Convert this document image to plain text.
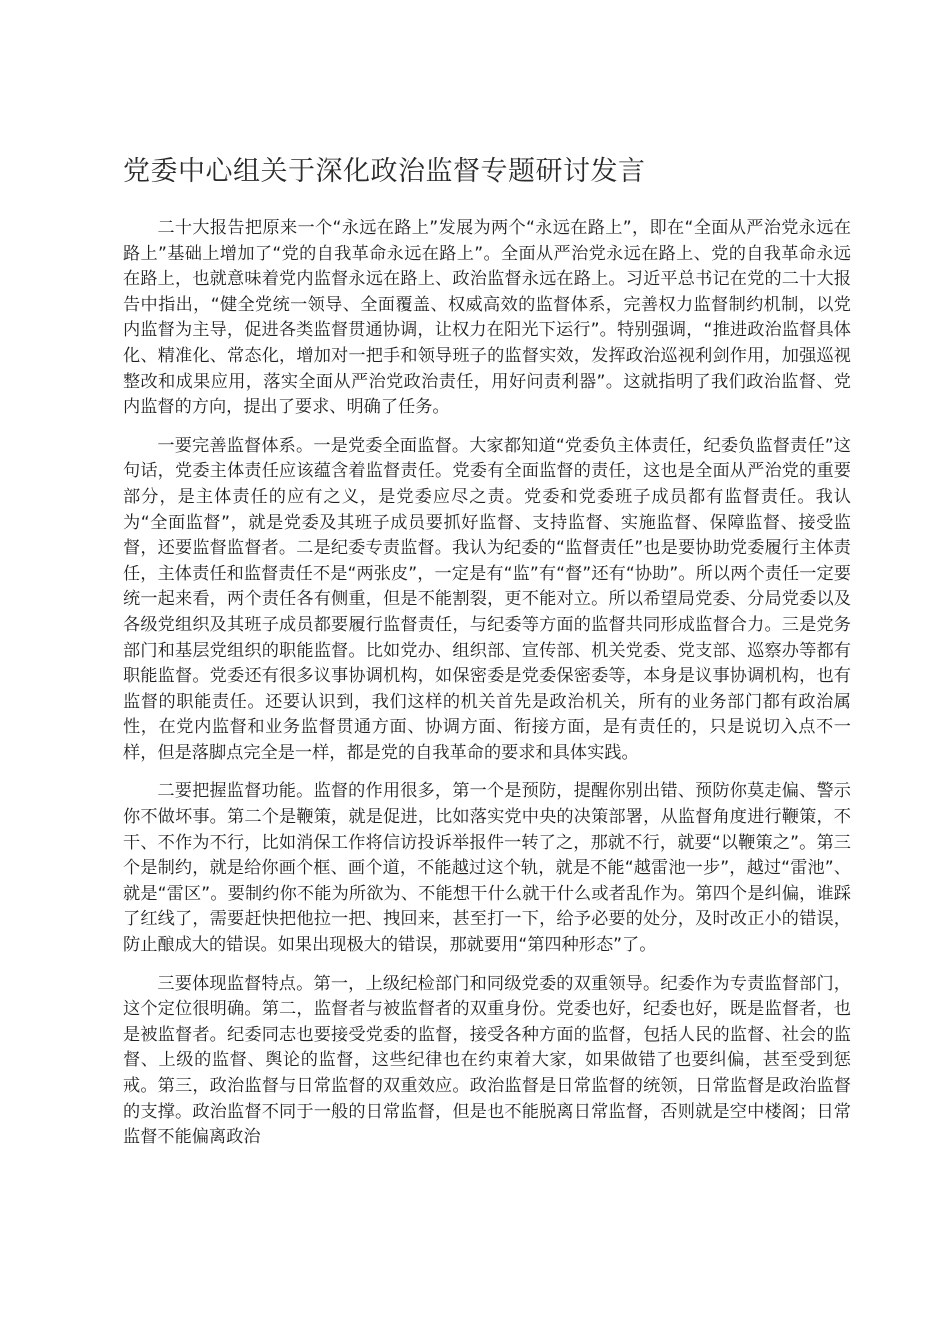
党委中心组关于深化政治监督专题研讨发言

二十大报告把原来一个“永远在路上”发展为两个“永远在路上”，即在“全面从严治党永远在路上”基础上增加了“党的自我革命永远在路上”。全面从严治党永远在路上、党的自我革命永远在路上，也就意味着党内监督永远在路上、政治监督永远在路上。习近平总书记在党的二十大报告中指出，“健全党统一领导、全面覆盖、权威高效的监督体系，完善权力监督制约机制，以党内监督为主导，促进各类监督贯通协调，让权力在阳光下运行”。特别强调，“推进政治监督具体化、精准化、常态化，增加对一把手和领导班子的监督实效，发挥政治巡视利剑作用，加强巡视整改和成果应用，落实全面从严治党政治责任，用好问责利器”。这就指明了我们政治监督、党内监督的方向，提出了要求、明确了任务。

一要完善监督体系。一是党委全面监督。大家都知道“党委负主体责任，纪委负监督责任”这句话，党委主体责任应该蕴含着监督责任。党委有全面监督的责任，这也是全面从严治党的重要部分，是主体责任的应有之义，是党委应尽之责。党委和党委班子成员都有监督责任。我认为“全面监督”，就是党委及其班子成员要抓好监督、支持监督、实施监督、保障监督、接受监督，还要监督监督者。二是纪委专责监督。我认为纪委的“监督责任”也是要协助党委履行主体责任，主体责任和监督责任不是“两张皮”，一定是有“监”有“督”还有“协助”。所以两个责任一定要统一起来看，两个责任各有侧重，但是不能割裂，更不能对立。所以希望局党委、分局党委以及各级党组织及其班子成员都要履行监督责任，与纪委等方面的监督共同形成监督合力。三是党务部门和基层党组织的职能监督。比如党办、组织部、宣传部、机关党委、党支部、巡察办等都有职能监督。党委还有很多议事协调机构，如保密委是党委保密委等，本身是议事协调机构，也有监督的职能责任。还要认识到，我们这样的机关首先是政治机关，所有的业务部门都有政治属性，在党内监督和业务监督贯通方面、协调方面、衔接方面，是有责任的，只是说切入点不一样，但是落脚点完全是一样，都是党的自我革命的要求和具体实践。

二要把握监督功能。监督的作用很多，第一个是预防，提醒你别出错、预防你莫走偏、警示你不做坏事。第二个是鞭策，就是促进，比如落实党中央的决策部署，从监督角度进行鞭策，不干、不作为不行，比如消保工作将信访投诉举报件一转了之，那就不行，就要“以鞭策之”。第三个是制约，就是给你画个框、画个道，不能越过这个轨，就是不能“越雷池一步”，越过“雷池”、就是“雷区”。要制约你不能为所欲为、不能想干什么就干什么或者乱作为。第四个是纠偏，谁踩了红线了，需要赶快把他拉一把、拽回来，甚至打一下，给予必要的处分，及时改正小的错误，防止酿成大的错误。如果出现极大的错误，那就要用“第四种形态”了。

三要体现监督特点。第一，上级纪检部门和同级党委的双重领导。纪委作为专责监督部门，这个定位很明确。第二，监督者与被监督者的双重身份。党委也好，纪委也好，既是监督者，也是被监督者。纪委同志也要接受党委的监督，接受各种方面的监督，包括人民的监督、社会的监督、上级的监督、舆论的监督，这些纪律也在约束着大家，如果做错了也要纠偏，甚至受到惩戒。第三，政治监督与日常监督的双重效应。政治监督是日常监督的统领，日常监督是政治监督的支撑。政治监督不同于一般的日常监督，但是也不能脱离日常监督，否则就是空中楼阁；日常监督不能偏离政治
